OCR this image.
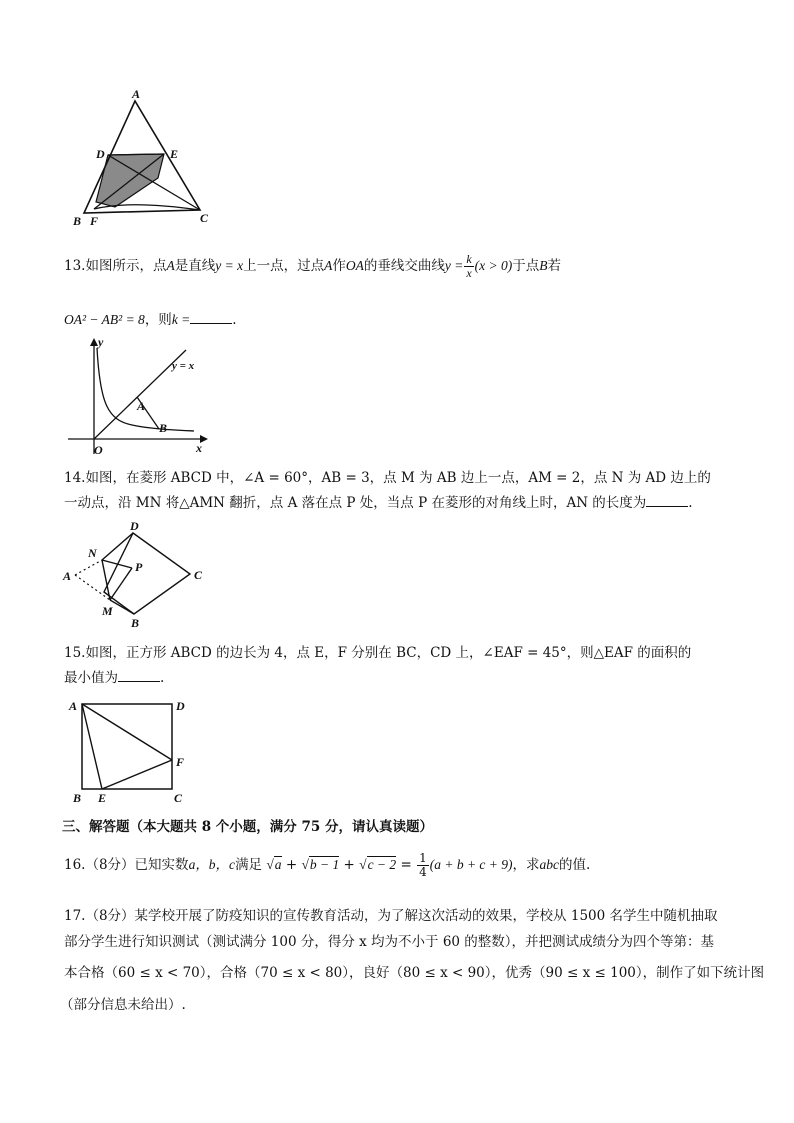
A
D	E
B F	C
13.如图所示，点A是直线y = x上一点，过点A作OA的垂线交曲线$y = \frac{k}{x} (x > 0)$于点B若
OA² − AB² = 8，则k =	.
y
y = x
A
B
O	x
14.如图，在菱形 ABCD 中，∠A = 60°，AB = 3，点 M 为 AB 边上一点，AM = 2，点 N 为 AD 边上的
一动点，沿 MN 将△AMN 翻折，点 A 落在点 P 处，当点 P 在菱形的对角线上时，AN 的长度为	.
D
N
P
A	C
M
B
15.如图，正方形 ABCD 的边长为 4，点 E，F 分别在 BC，CD 上，∠EAF = 45°，则△EAF 的面积的
最小值为	.
A	D
F
B E	C
三、解答题（本大题共 8 个小题，满分 75 分，请认真读题）
16.（8分）已知实数a，b，c满足 $√a + √b - 1 + √c - 2 = \frac{1}{4} (a + b + c + 9)$，求abc的值.
17.（8分）某学校开展了防疫知识的宣传教育活动，为了解这次活动的效果，学校从 1500 名学生中随机抽取
部分学生进行知识测试（测试满分 100 分，得分 x 均为不小于 60 的整数），并把测试成绩分为四个等第：基
本合格（60 ≤ x < 70），合格（70 ≤ x < 80），良好（80 ≤ x < 90），优秀（90 ≤ x ≤ 100），制作了如下统计图
（部分信息未给出）.
